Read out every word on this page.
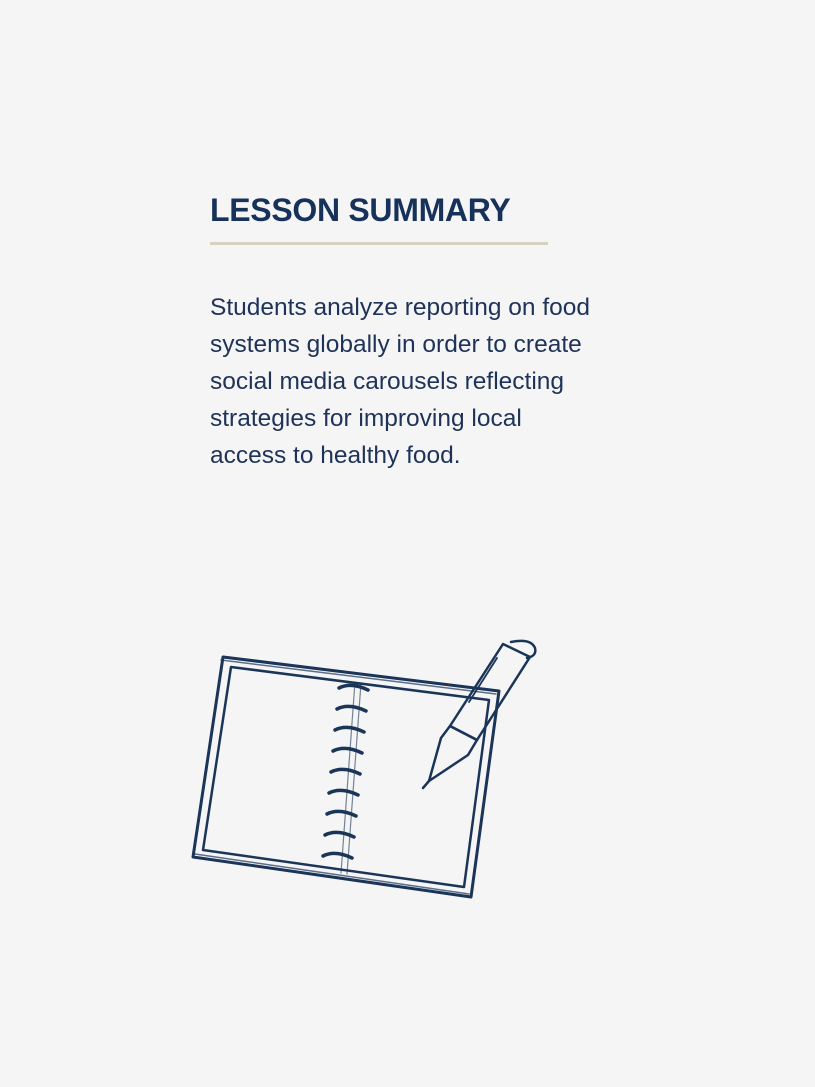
LESSON SUMMARY

Students analyze reporting on food systems globally in order to create social media carousels reflecting strategies for improving local access to healthy food.
